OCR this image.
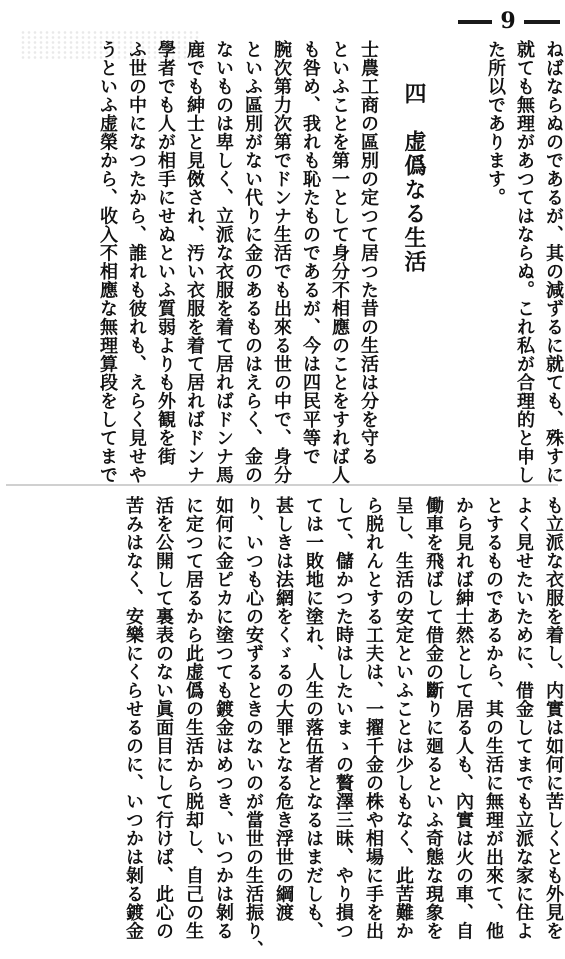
9
ねばならぬのであるが、其の減ずるに就ても、殊すに
就ても無理があつてはならぬ。これ私が合理的と申し
た所以であります。
士農工商の區別の定つて居つた昔の生活は分を守る
といふことを第一として身分不相應のことをすれば人
も咎め、我れも恥たものであるが、今は四民平等で
腕次第力次第でドンナ生活でも出來る世の中で、身分
といふ區別がない代りに金のあるものはえらく、金の
ないものは卑しく、立派な衣服を着て居ればドンナ馬
鹿でも紳士と見傚され、汚い衣服を着て居ればドンナ
學者でも人が相手にせぬといふ質弱よりも外観を街
ふ世の中になつたから、誰れも彼れも、えらく見せや
うといふ虚榮から、收入不相應な無理算段をしてまで	四　虚僞なる生活
も立派な衣服を着し、内實は如何に苦しくとも外見を
よく見せたいために、借金してまでも立派な家に住よ
とするものであるから、其の生活に無理が出來て、他
から見れば紳士然として居る人も、內實は火の車、自
働車を飛ばして借金の斷りに廻るといふ奇態な現象を
呈し、生活の安定といふことは少しもなく、此苦難か
ら脱れんとする工夫は、一擢千金の株や相場に手を出
して、儲かつた時はしたいまゝの贅澤三昧、やり損つ
ては一敗地に塗れ、人生の落伍者となるはまだしも、
甚しきは法網をくゞるの大罪となる危き浮世の綱渡
り、いつも心の安ずるときのないのが當世の生活振り、
如何に金ピカに塗つても鍍金はめつき、いつかは剝る
に定つて居るから此虚僞の生活から脱却し、自己の生
活を公開して裏表のない眞面目にして行けば、此心の
苦みはなく、安樂にくらせるのに、いつかは剝る鍍金
